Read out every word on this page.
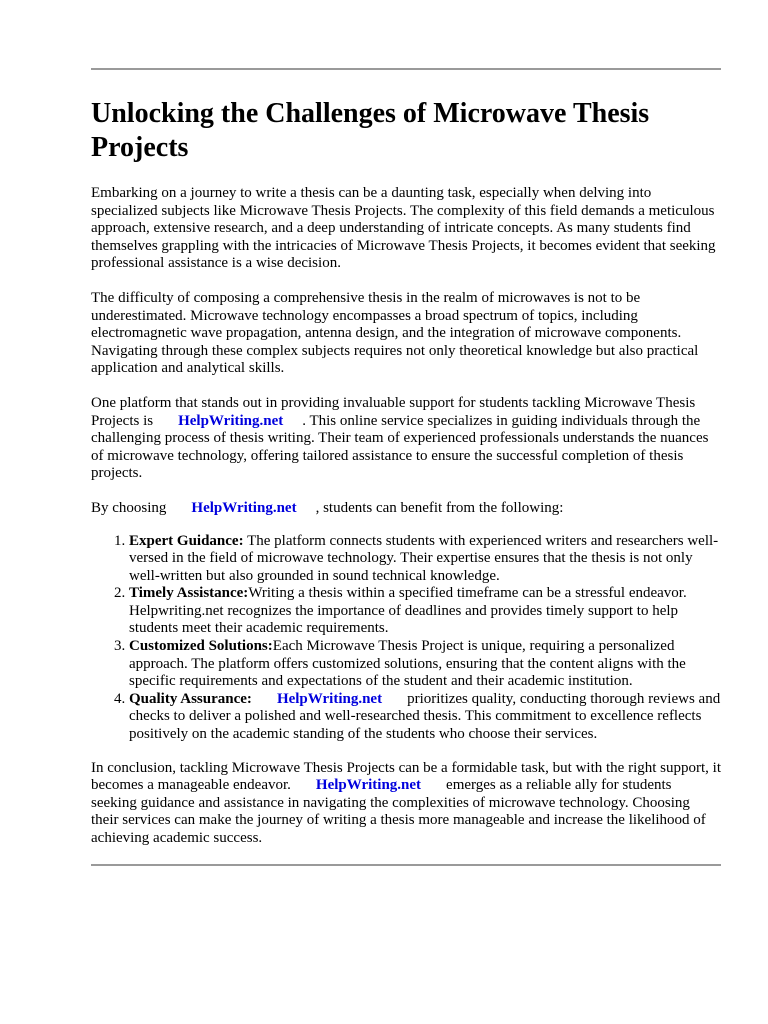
Unlocking the Challenges of Microwave Thesis Projects

Embarking on a journey to write a thesis can be a daunting task, especially when delving into specialized subjects like Microwave Thesis Projects. The complexity of this field demands a meticulous approach, extensive research, and a deep understanding of intricate concepts. As many students find themselves grappling with the intricacies of Microwave Thesis Projects, it becomes evident that seeking professional assistance is a wise decision.

The difficulty of composing a comprehensive thesis in the realm of microwaves is not to be underestimated. Microwave technology encompasses a broad spectrum of topics, including electromagnetic wave propagation, antenna design, and the integration of microwave components. Navigating through these complex subjects requires not only theoretical knowledge but also practical application and analytical skills.

One platform that stands out in providing invaluable support for students tackling Microwave Thesis Projects is HelpWriting.net . This online service specializes in guiding individuals through the challenging process of thesis writing. Their team of experienced professionals understands the nuances of microwave technology, offering tailored assistance to ensure the successful completion of thesis projects.

By choosing HelpWriting.net , students can benefit from the following:

1. Expert Guidance: The platform connects students with experienced writers and researchers well-versed in the field of microwave technology. Their expertise ensures that the thesis is not only well-written but also grounded in sound technical knowledge.
2. Timely Assistance:Writing a thesis within a specified timeframe can be a stressful endeavor. Helpwriting.net recognizes the importance of deadlines and provides timely support to help students meet their academic requirements.
3. Customized Solutions:Each Microwave Thesis Project is unique, requiring a personalized approach. The platform offers customized solutions, ensuring that the content aligns with the specific requirements and expectations of the student and their academic institution.
4. Quality Assurance: HelpWriting.net prioritizes quality, conducting thorough reviews and checks to deliver a polished and well-researched thesis. This commitment to excellence reflects positively on the academic standing of the students who choose their services.

In conclusion, tackling Microwave Thesis Projects can be a formidable task, but with the right support, it becomes a manageable endeavor. HelpWriting.net emerges as a reliable ally for students seeking guidance and assistance in navigating the complexities of microwave technology. Choosing their services can make the journey of writing a thesis more manageable and increase the likelihood of achieving academic success.
